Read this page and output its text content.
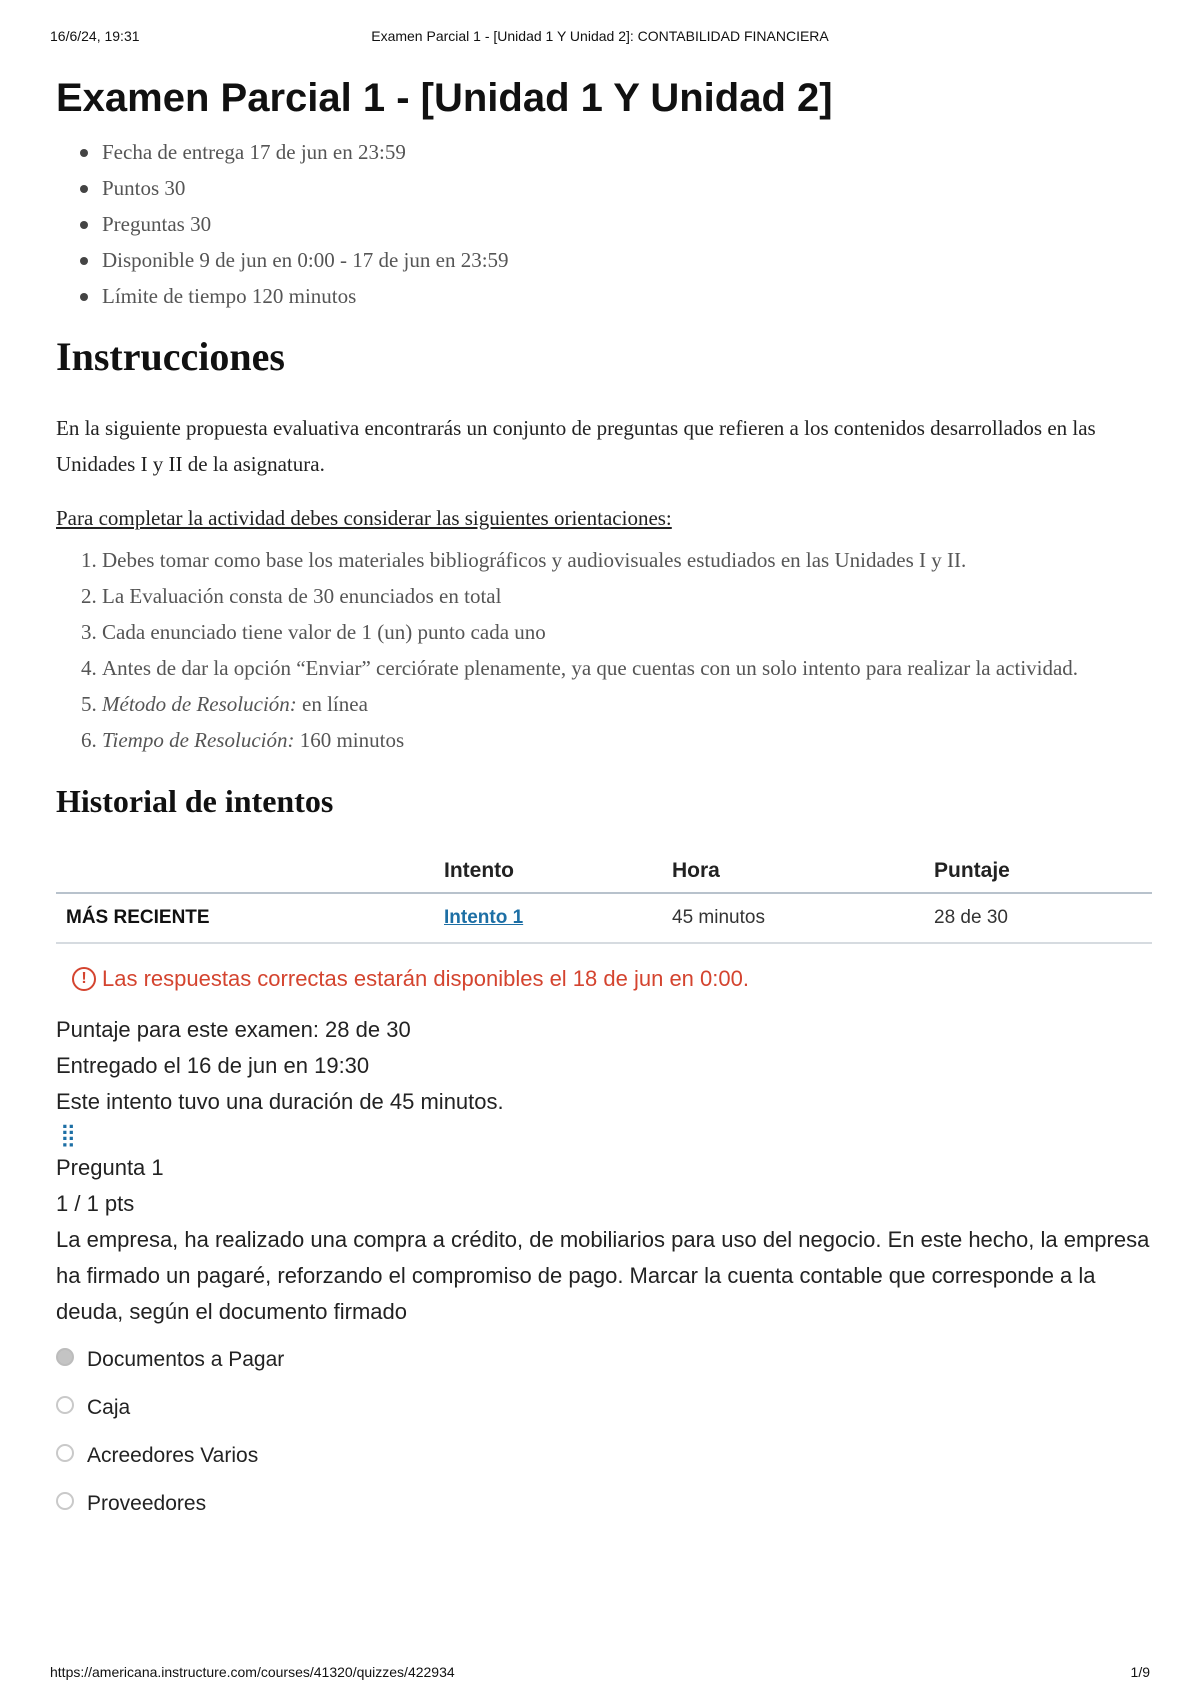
16/6/24, 19:31	Examen Parcial 1 - [Unidad 1 Y Unidad 2]: CONTABILIDAD FINANCIERA
Examen Parcial 1 - [Unidad 1 Y Unidad 2]
Fecha de entrega 17 de jun en 23:59
Puntos 30
Preguntas 30
Disponible 9 de jun en 0:00 - 17 de jun en 23:59
Límite de tiempo 120 minutos
Instrucciones

En la siguiente propuesta evaluativa encontrarás un conjunto de preguntas que refieren a los contenidos desarrollados en las Unidades I y II de la asignatura.

Para completar la actividad debes considerar las siguientes orientaciones:

1. Debes tomar como base los materiales bibliográficos y audiovisuales estudiados en las Unidades I y II.
2. La Evaluación consta de 30 enunciados en total
3. Cada enunciado tiene valor de 1 (un) punto cada uno
4. Antes de dar la opción “Enviar” cerciórate plenamente, ya que cuentas con un solo intento para realizar la actividad.
5. Método de Resolución: en línea
6. Tiempo de Resolución: 160 minutos
Historial de intentos
	Intento	Hora	Puntaje
MÁS RECIENTE	Intento 1	45 minutos	28 de 30
! Las respuestas correctas estarán disponibles el 18 de jun en 0:00.
Puntaje para este examen: 28 de 30
Entregado el 16 de jun en 19:30
Este intento tuvo una duración de 45 minutos.
⣿
Pregunta 1
1 / 1 pts
La empresa, ha realizado una compra a crédito, de mobiliarios para uso del negocio. En este hecho, la empresa ha firmado un pagaré, reforzando el compromiso de pago. Marcar la cuenta contable que corresponde a la deuda, según el documento firmado
Documentos a Pagar
Caja
Acreedores Varios
Proveedores
https://americana.instructure.com/courses/41320/quizzes/422934	1/9
